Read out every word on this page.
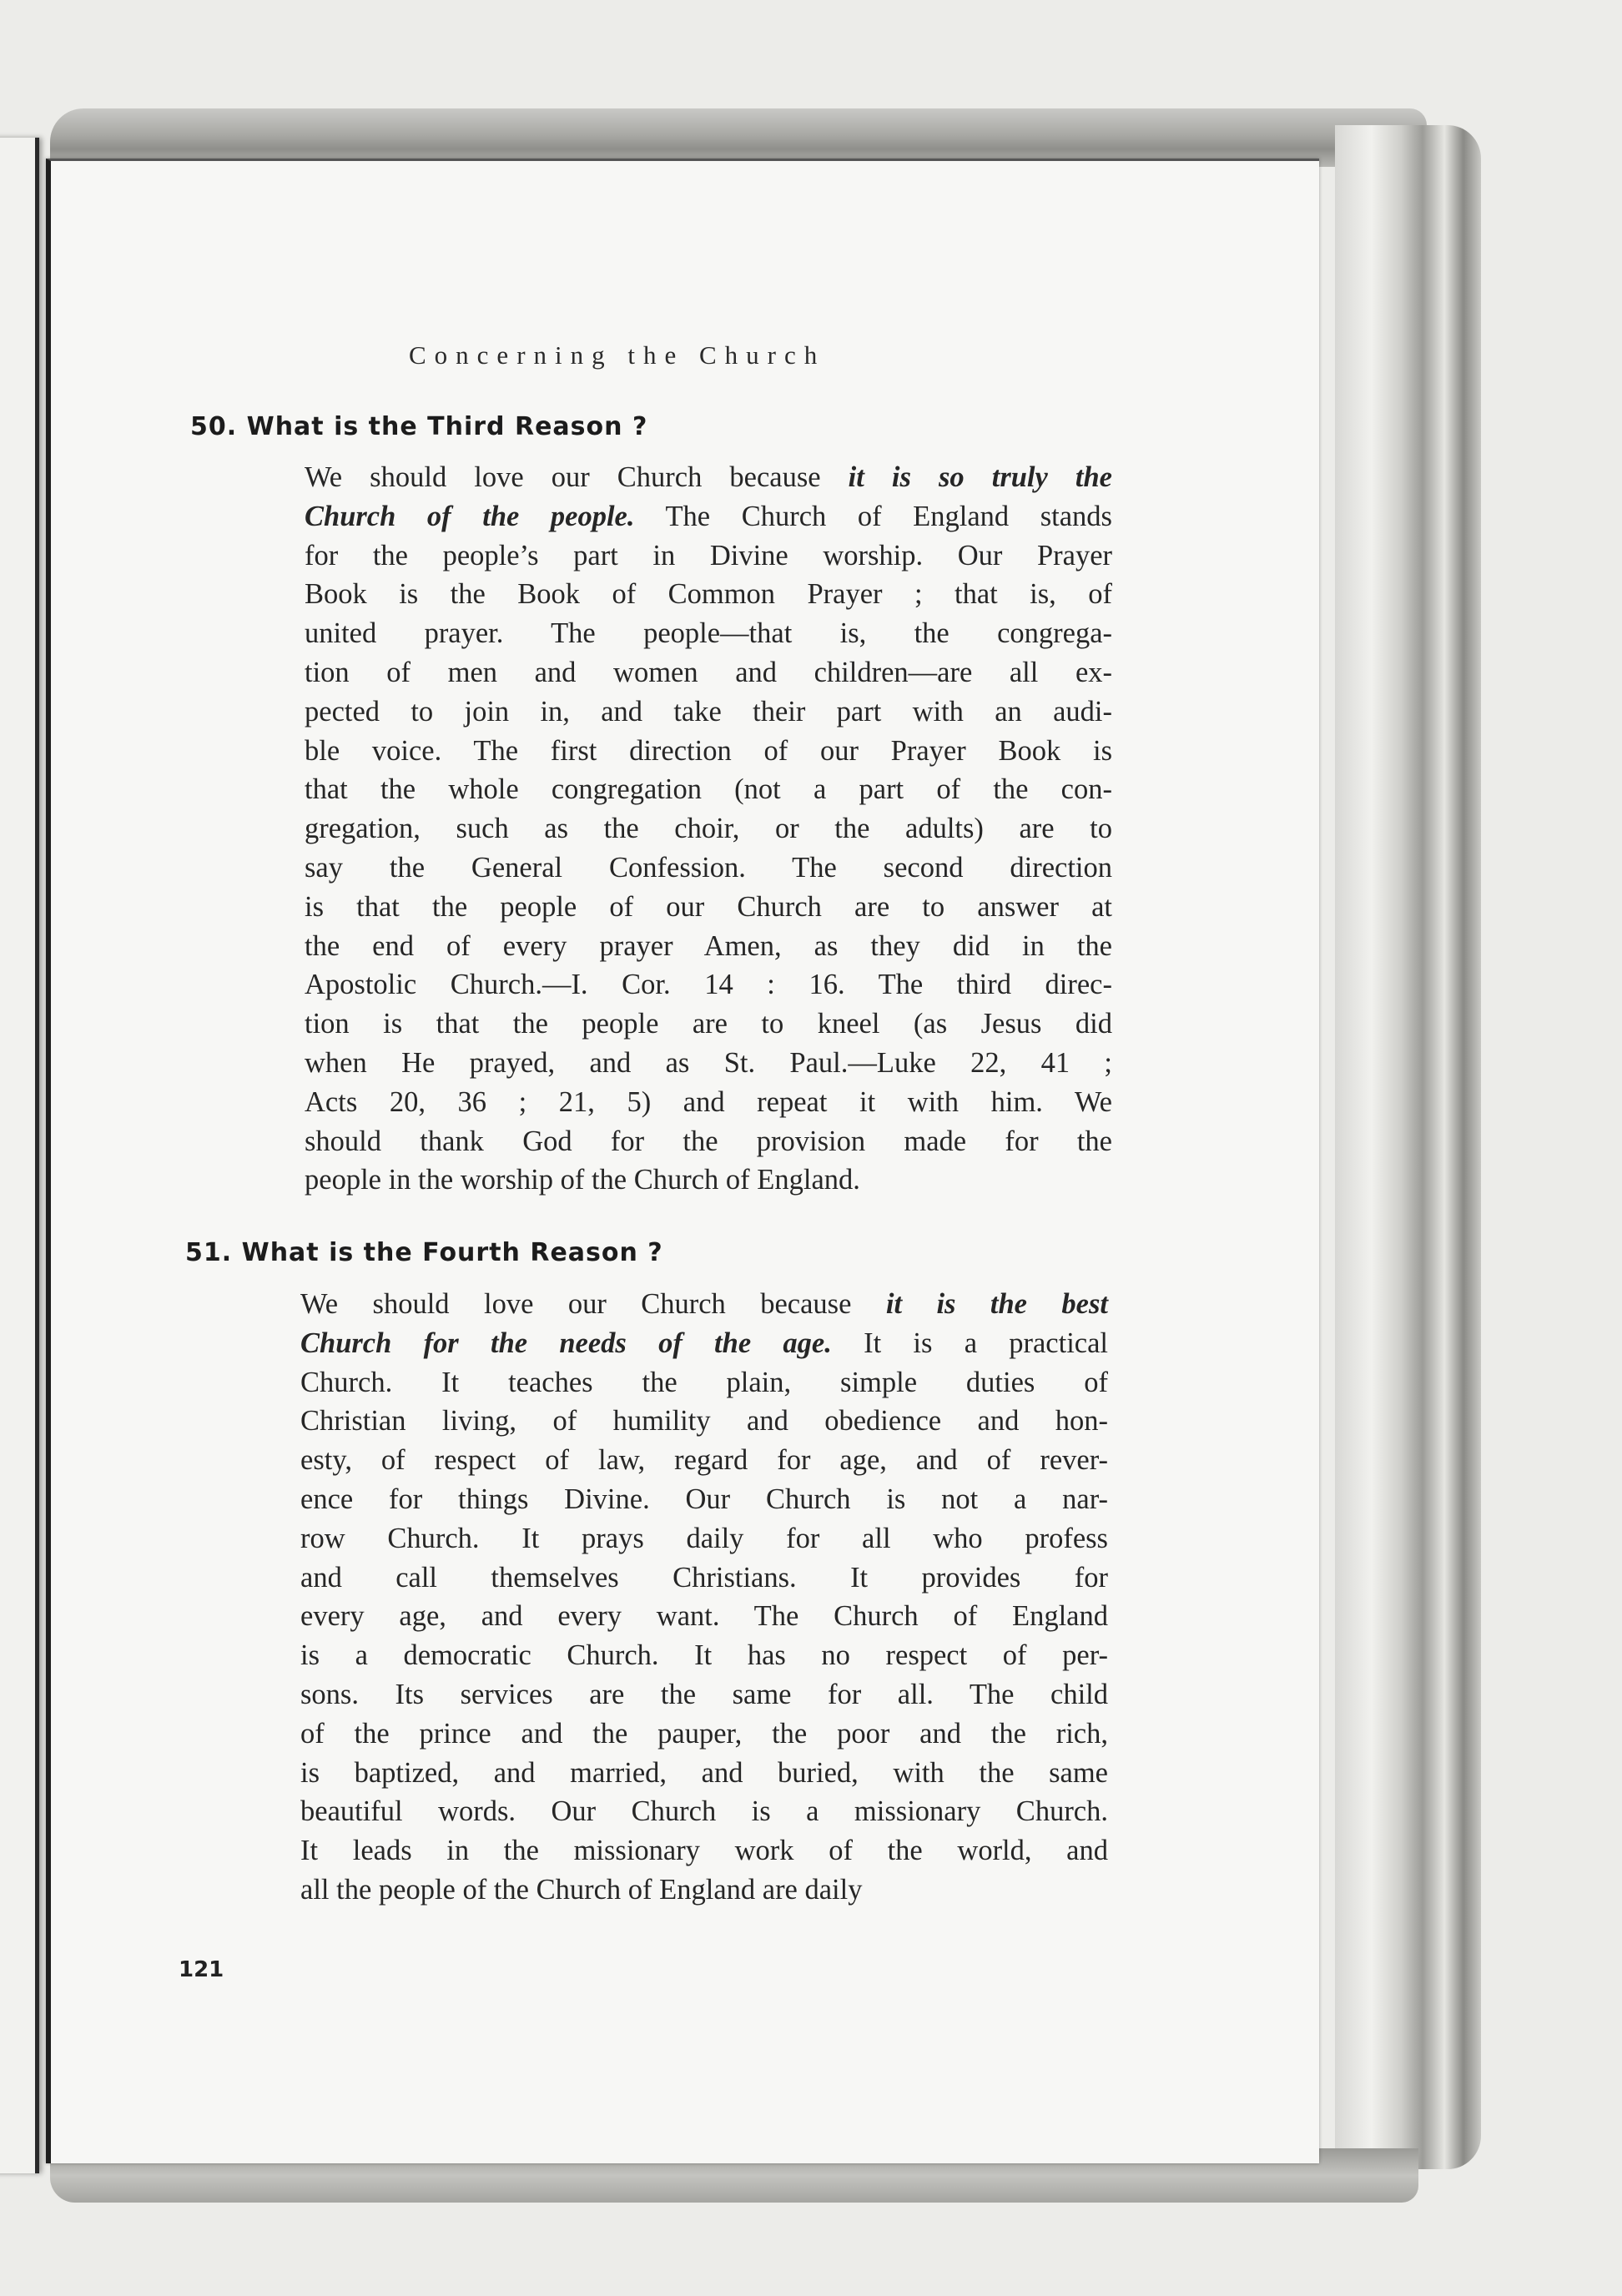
Concerning the Church
50. What is the Third Reason ?
We should love our Church because it is so truly the
Church of the people. The Church of England stands
for the people’s part in Divine worship. Our Prayer
Book is the Book of Common Prayer ; that is, of
united prayer. The people—that is, the congrega-
tion of men and women and children—are all ex-
pected to join in, and take their part with an audi-
ble voice. The first direction of our Prayer Book is
that the whole congregation (not a part of the con-
gregation, such as the choir, or the adults) are to
say the General Confession. The second direction
is that the people of our Church are to answer at
the end of every prayer Amen, as they did in the
Apostolic Church.—I. Cor. 14 : 16. The third direc-
tion is that the people are to kneel (as Jesus did
when He prayed, and as St. Paul.—Luke 22, 41 ;
Acts 20, 36 ; 21, 5) and repeat it with him. We
should thank God for the provision made for the
people in the worship of the Church of England.
51. What is the Fourth Reason ?
We should love our Church because it is the best
Church for the needs of the age. It is a practical
Church. It teaches the plain, simple duties of
Christian living, of humility and obedience and hon-
esty, of respect of law, regard for age, and of rever-
ence for things Divine. Our Church is not a nar-
row Church. It prays daily for all who profess
and call themselves Christians. It provides for
every age, and every want. The Church of England
is a democratic Church. It has no respect of per-
sons. Its services are the same for all. The child
of the prince and the pauper, the poor and the rich,
is baptized, and married, and buried, with the same
beautiful words. Our Church is a missionary Church.
It leads in the missionary work of the world, and
all the people of the Church of England are daily
121
